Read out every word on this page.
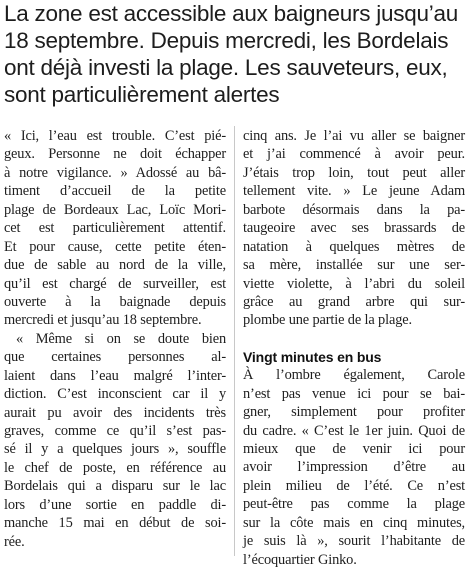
La zone est accessible aux baigneurs jusqu’au
18 septembre. Depuis mercredi, les Bordelais
ont déjà investi la plage. Les sauveteurs, eux,
sont particulièrement alertes
« Ici, l’eau est trouble. C’est pié-
geux. Personne ne doit échapper
à notre vigilance. » Adossé au bâ-
timent d’accueil de la petite
plage de Bordeaux Lac, Loïc Mori-
cet est particulièrement attentif.
Et pour cause, cette petite éten-
due de sable au nord de la ville,
qu’il est chargé de surveiller, est
ouverte à la baignade depuis
mercredi et jusqu’au 18 septembre.
« Même si on se doute bien
que certaines personnes al-
laient dans l’eau malgré l’inter-
diction. C’est inconscient car il y
aurait pu avoir des incidents très
graves, comme ce qu’il s’est pas-
sé il y a quelques jours », souffle
le chef de poste, en référence au
Bordelais qui a disparu sur le lac
lors d’une sortie en paddle di-
manche 15 mai en début de soi-
rée.
cinq ans. Je l’ai vu aller se baigner
et j’ai commencé à avoir peur.
J’étais trop loin, tout peut aller
tellement vite. » Le jeune Adam
barbote désormais dans la pa-
taugeoire avec ses brassards de
natation à quelques mètres de
sa mère, installée sur une ser-
viette violette, à l’abri du soleil
grâce au grand arbre qui sur-
plombe une partie de la plage.
Vingt minutes en bus
À l’ombre également, Carole
n’est pas venue ici pour se bai-
gner, simplement pour profiter
du cadre. « C’est le 1er juin. Quoi de
mieux que de venir ici pour
avoir l’impression d’être au
plein milieu de l’été. Ce n’est
peut-être pas comme la plage
sur la côte mais en cinq minutes,
je suis là », sourit l’habitante de
l’écoquartier Ginko.
